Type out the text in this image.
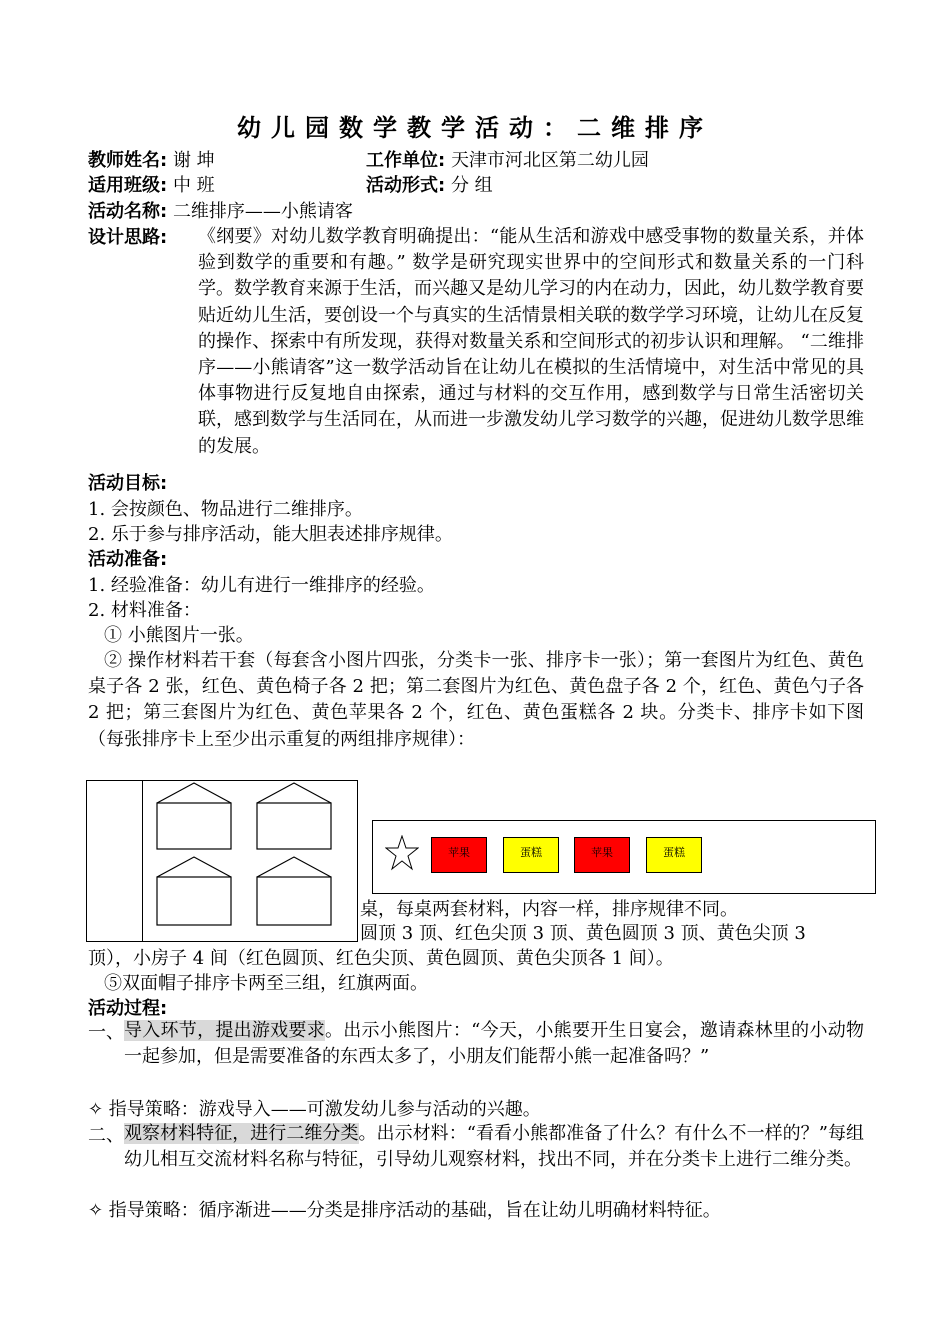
幼儿园数学教学活动：二维排序
教师姓名: 谢 坤	工作单位: 天津市河北区第二幼儿园
适用班级: 中 班	活动形式: 分 组
活动名称: 二维排序——小熊请客
设计思路: 《纲要》对幼儿数学教育明确提出：“能从生活和游戏中感受事物的数量关系，并体验到数学的重要和有趣。” 数学是研究现实世界中的空间形式和数量关系的一门科学。数学教育来源于生活，而兴趣又是幼儿学习的内在动力，因此，幼儿数学教育要贴近幼儿生活，要创设一个与真实的生活情景相关联的数学学习环境，让幼儿在反复的操作、探索中有所发现，获得对数量关系和空间形式的初步认识和理解。 “二维排序——小熊请客”这一数学活动旨在让幼儿在模拟的生活情境中，对生活中常见的具体事物进行反复地自由探索，通过与材料的交互作用，感到数学与日常生活密切关联，感到数学与生活同在，从而进一步激发幼儿学习数学的兴趣，促进幼儿数学思维的发展。
活动目标:
1. 会按颜色、物品进行二维排序。
2. 乐于参与排序活动，能大胆表述排序规律。
活动准备:
1. 经验准备：幼儿有进行一维排序的经验。
2. 材料准备：
① 小熊图片一张。
② 操作材料若干套（每套含小图片四张，分类卡一张、排序卡一张）；第一套图片为红色、黄色桌子各 2 张，红色、黄色椅子各 2 把；第二套图片为红色、黄色盘子各 2 个，红色、黄色勺子各 2 把；第三套图片为红色、黄色苹果各 2 个，红色、黄色蛋糕各 2 块。分类卡、排序卡如下图（每张排序卡上至少出示重复的两组排序规律）：
苹果	蛋糕	苹果	蛋糕
桌，每桌两套材料，内容一样，排序规律不同。
圆顶 3 顶、红色尖顶 3 顶、黄色圆顶 3 顶、黄色尖顶 3
顶），小房子 4 间（红色圆顶、红色尖顶、黄色圆顶、黄色尖顶各 1 间）。
⑤双面帽子排序卡两至三组，红旗两面。
活动过程:
一、 导入环节，提出游戏要求。出示小熊图片：“今天，小熊要开生日宴会，邀请森林里的小动物一起参加，但是需要准备的东西太多了，小朋友们能帮小熊一起准备吗？”
✧ 指导策略：游戏导入——可激发幼儿参与活动的兴趣。
二、 观察材料特征，进行二维分类。出示材料：“看看小熊都准备了什么？有什么不一样的？”每组幼儿相互交流材料名称与特征，引导幼儿观察材料，找出不同，并在分类卡上进行二维分类。
✧ 指导策略：循序渐进——分类是排序活动的基础，旨在让幼儿明确材料特征。
